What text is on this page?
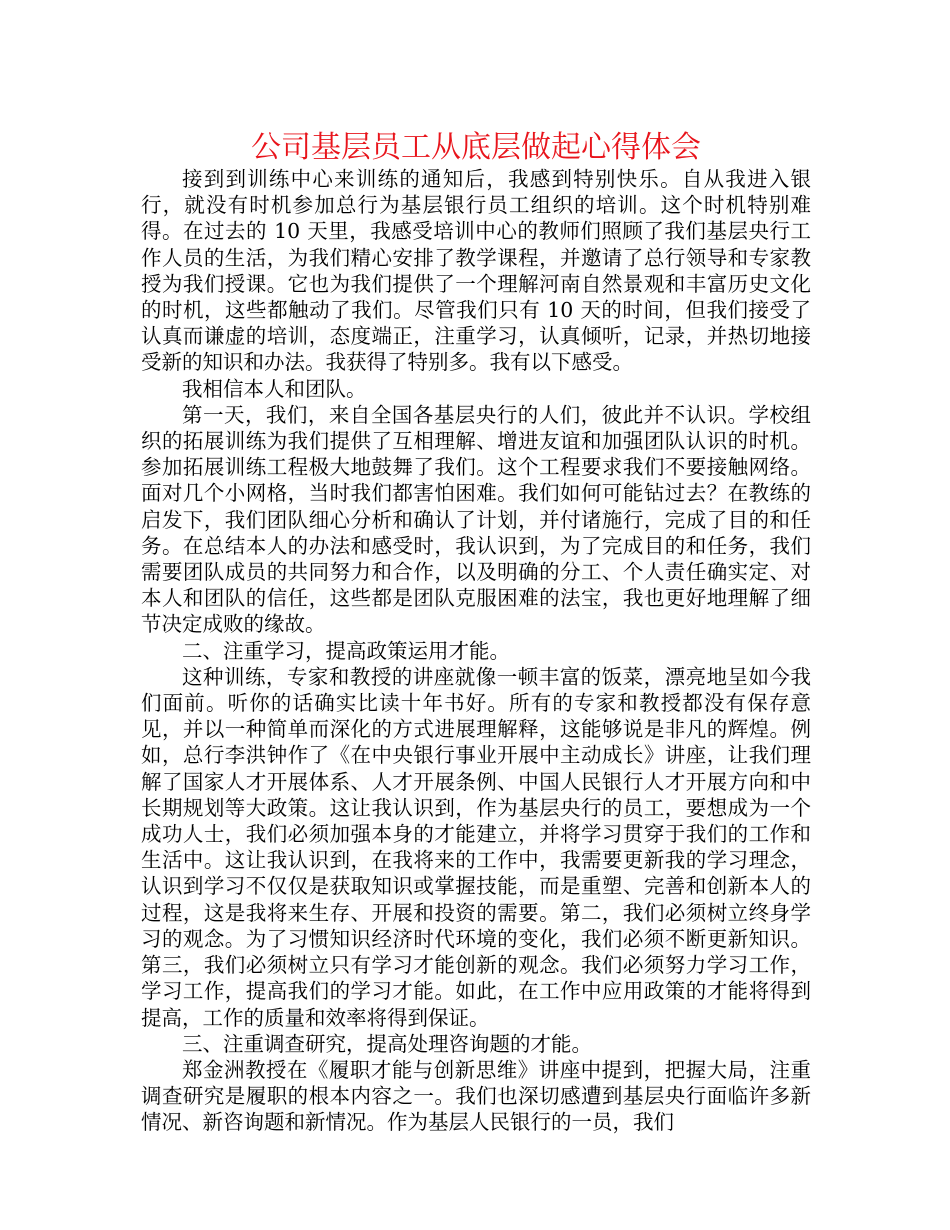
公司基层员工从底层做起心得体会

接到到训练中心来训练的通知后，我感到特别快乐。自从我进入银行，就没有时机参加总行为基层银行员工组织的培训。这个时机特别难得。在过去的 10 天里，我感受培训中心的教师们照顾了我们基层央行工作人员的生活，为我们精心安排了教学课程，并邀请了总行领导和专家教授为我们授课。它也为我们提供了一个理解河南自然景观和丰富历史文化的时机，这些都触动了我们。尽管我们只有 10 天的时间，但我们接受了认真而谦虚的培训，态度端正，注重学习，认真倾听，记录，并热切地接受新的知识和办法。我获得了特别多。我有以下感受。

我相信本人和团队。

第一天，我们，来自全国各基层央行的人们，彼此并不认识。学校组织的拓展训练为我们提供了互相理解、增进友谊和加强团队认识的时机。参加拓展训练工程极大地鼓舞了我们。这个工程要求我们不要接触网络。面对几个小网格，当时我们都害怕困难。我们如何可能钻过去？在教练的启发下，我们团队细心分析和确认了计划，并付诸施行，完成了目的和任务。在总结本人的办法和感受时，我认识到，为了完成目的和任务，我们需要团队成员的共同努力和合作，以及明确的分工、个人责任确实定、对本人和团队的信任，这些都是团队克服困难的法宝，我也更好地理解了细节决定成败的缘故。

二、注重学习，提高政策运用才能。

这种训练，专家和教授的讲座就像一顿丰富的饭菜，漂亮地呈如今我们面前。听你的话确实比读十年书好。所有的专家和教授都没有保存意见，并以一种简单而深化的方式进展理解释，这能够说是非凡的辉煌。例如，总行李洪钟作了《在中央银行事业开展中主动成长》讲座，让我们理解了国家人才开展体系、人才开展条例、中国人民银行人才开展方向和中长期规划等大政策。这让我认识到，作为基层央行的员工，要想成为一个成功人士，我们必须加强本身的才能建立，并将学习贯穿于我们的工作和生活中。这让我认识到，在我将来的工作中，我需要更新我的学习理念，认识到学习不仅仅是获取知识或掌握技能，而是重塑、完善和创新本人的过程，这是我将来生存、开展和投资的需要。第二，我们必须树立终身学习的观念。为了习惯知识经济时代环境的变化，我们必须不断更新知识。第三，我们必须树立只有学习才能创新的观念。我们必须努力学习工作，学习工作，提高我们的学习才能。如此，在工作中应用政策的才能将得到提高，工作的质量和效率将得到保证。

三、注重调查研究，提高处理咨询题的才能。

郑金洲教授在《履职才能与创新思维》讲座中提到，把握大局，注重调查研究是履职的根本内容之一。我们也深切感遭到基层央行面临许多新情况、新咨询题和新情况。作为基层人民银行的一员，我们
